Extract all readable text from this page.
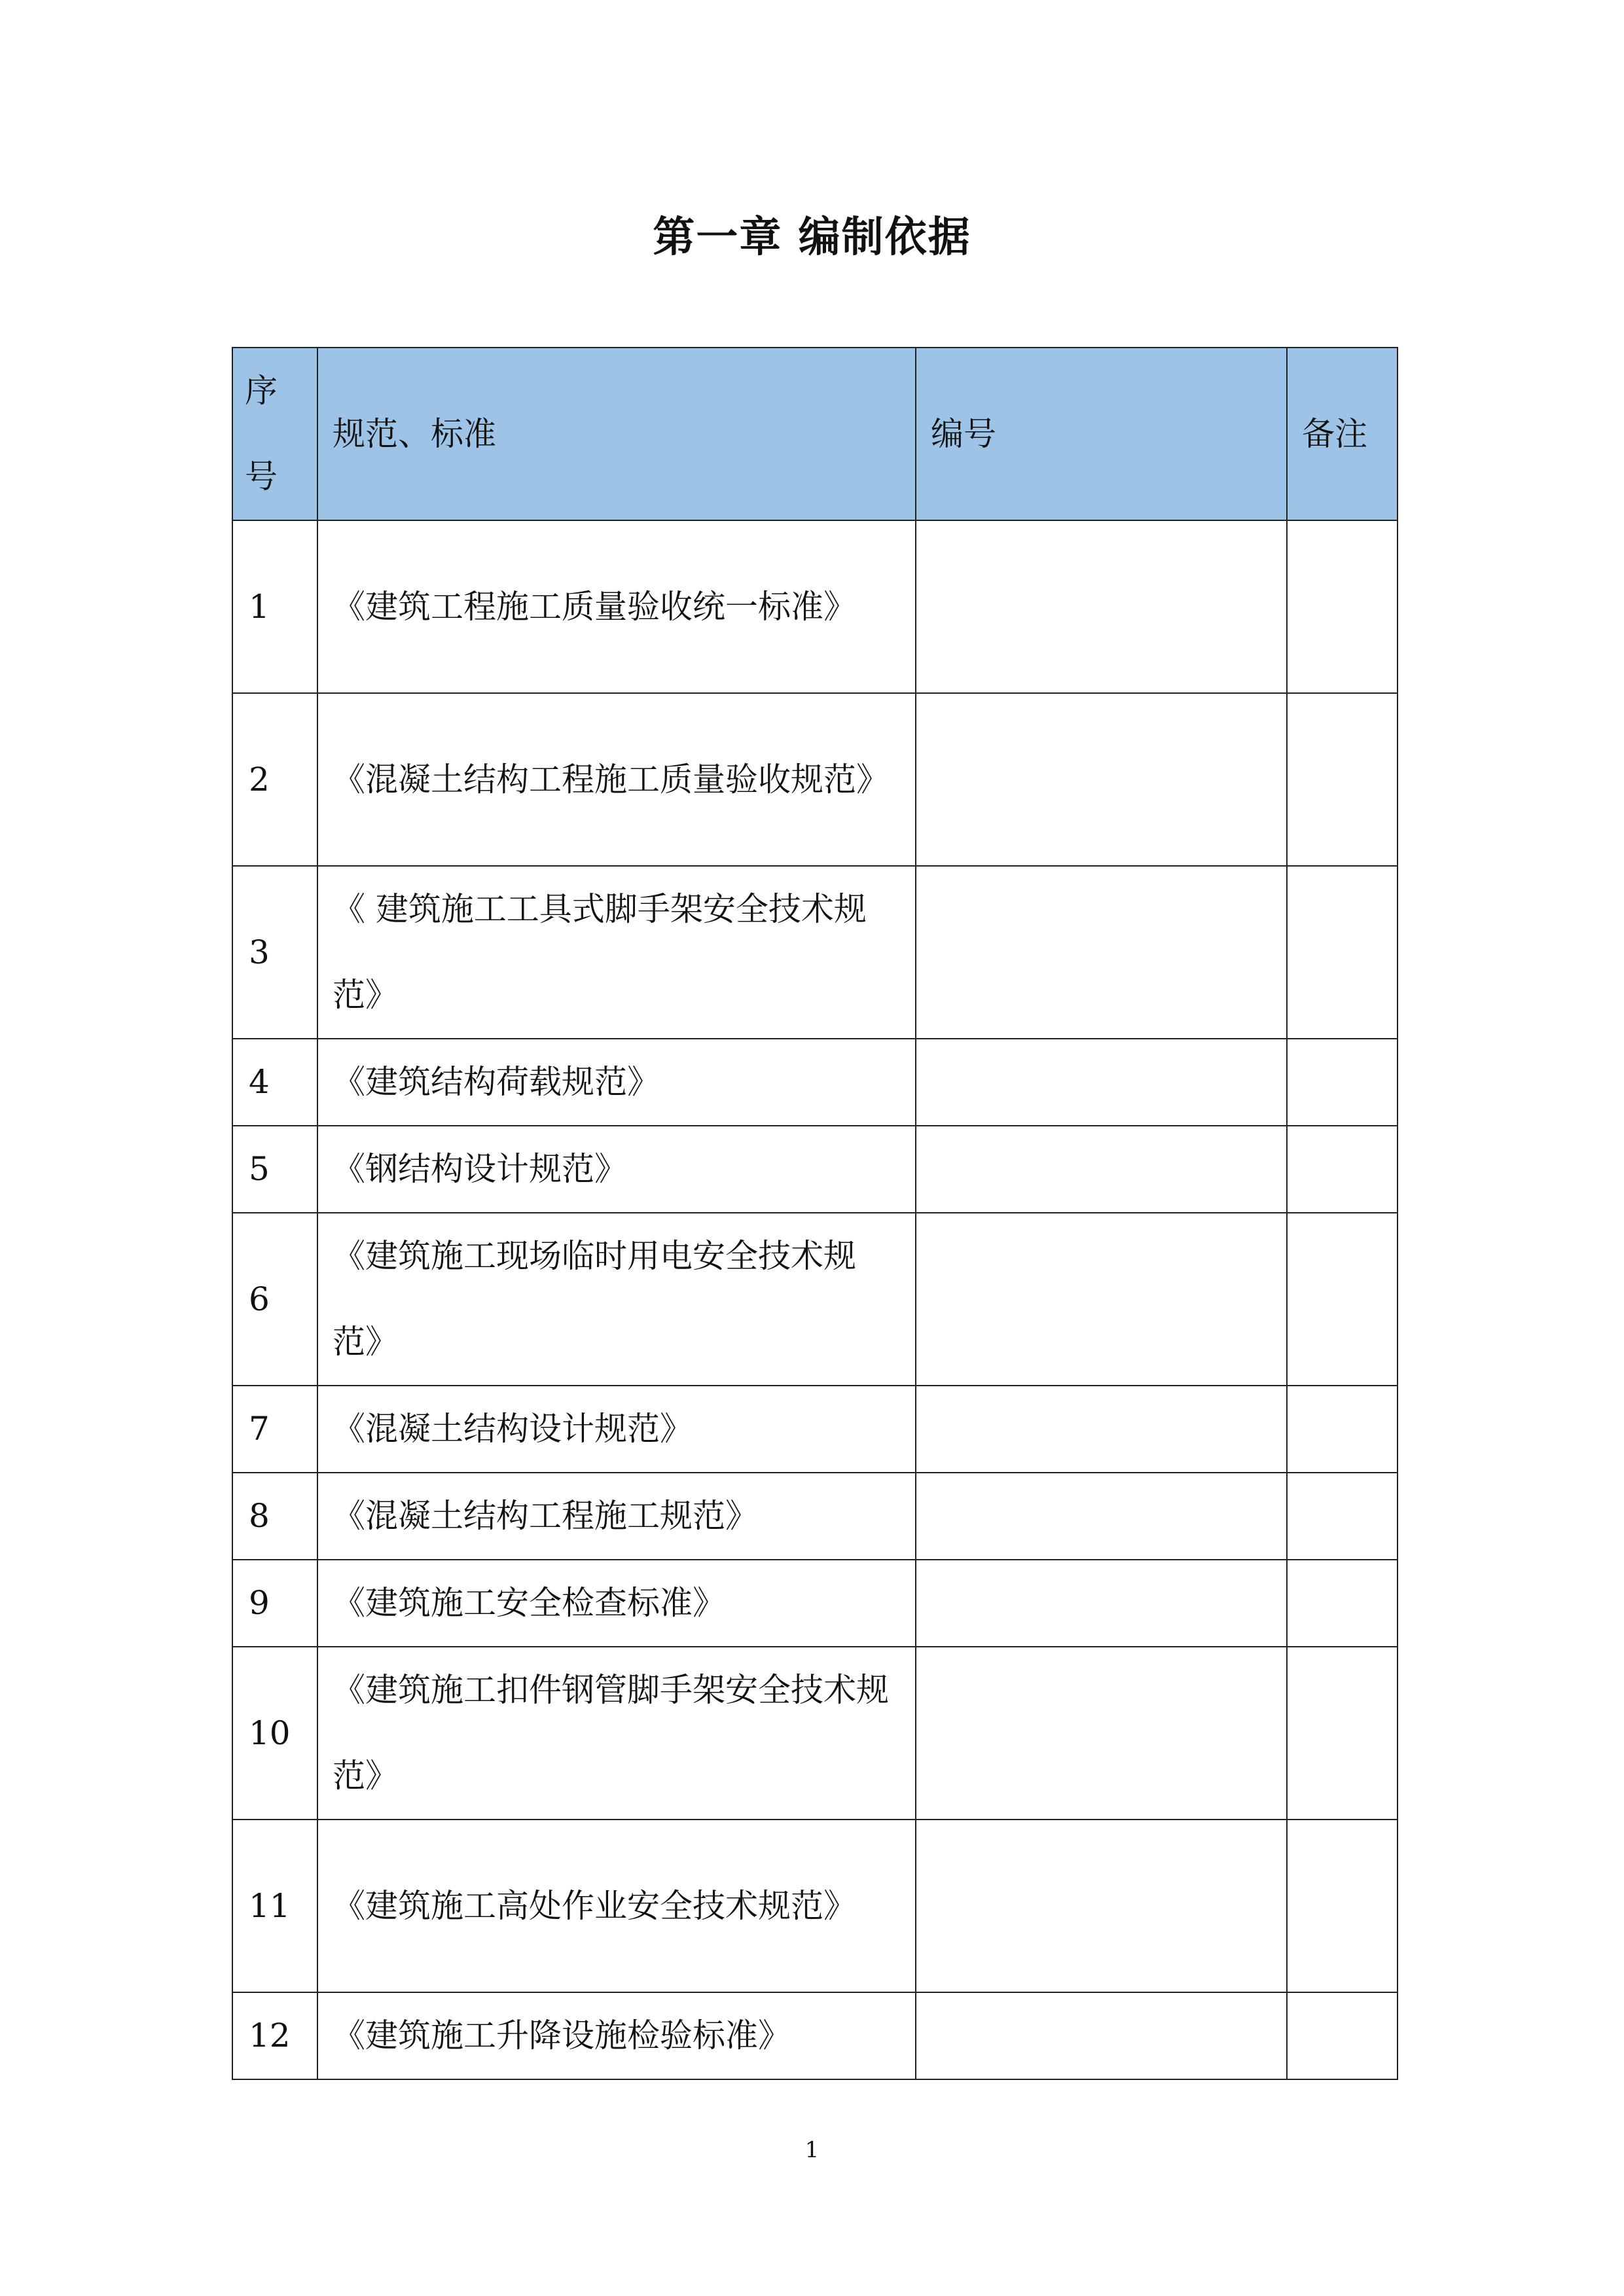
第一章 编制依据
序号	规范、标准	编号	备注
1	《建筑工程施工质量验收统一标准》		
2	《混凝土结构工程施工质量验收规范》		
3	《 建筑施工工具式脚手架安全技术规范》		
4	《建筑结构荷载规范》		
5	《钢结构设计规范》		
6	《建筑施工现场临时用电安全技术规范》		
7	《混凝土结构设计规范》		
8	《混凝土结构工程施工规范》		
9	《建筑施工安全检查标准》		
10	《建筑施工扣件钢管脚手架安全技术规范》		
11	《建筑施工高处作业安全技术规范》		
12	《建筑施工升降设施检验标准》		
1
